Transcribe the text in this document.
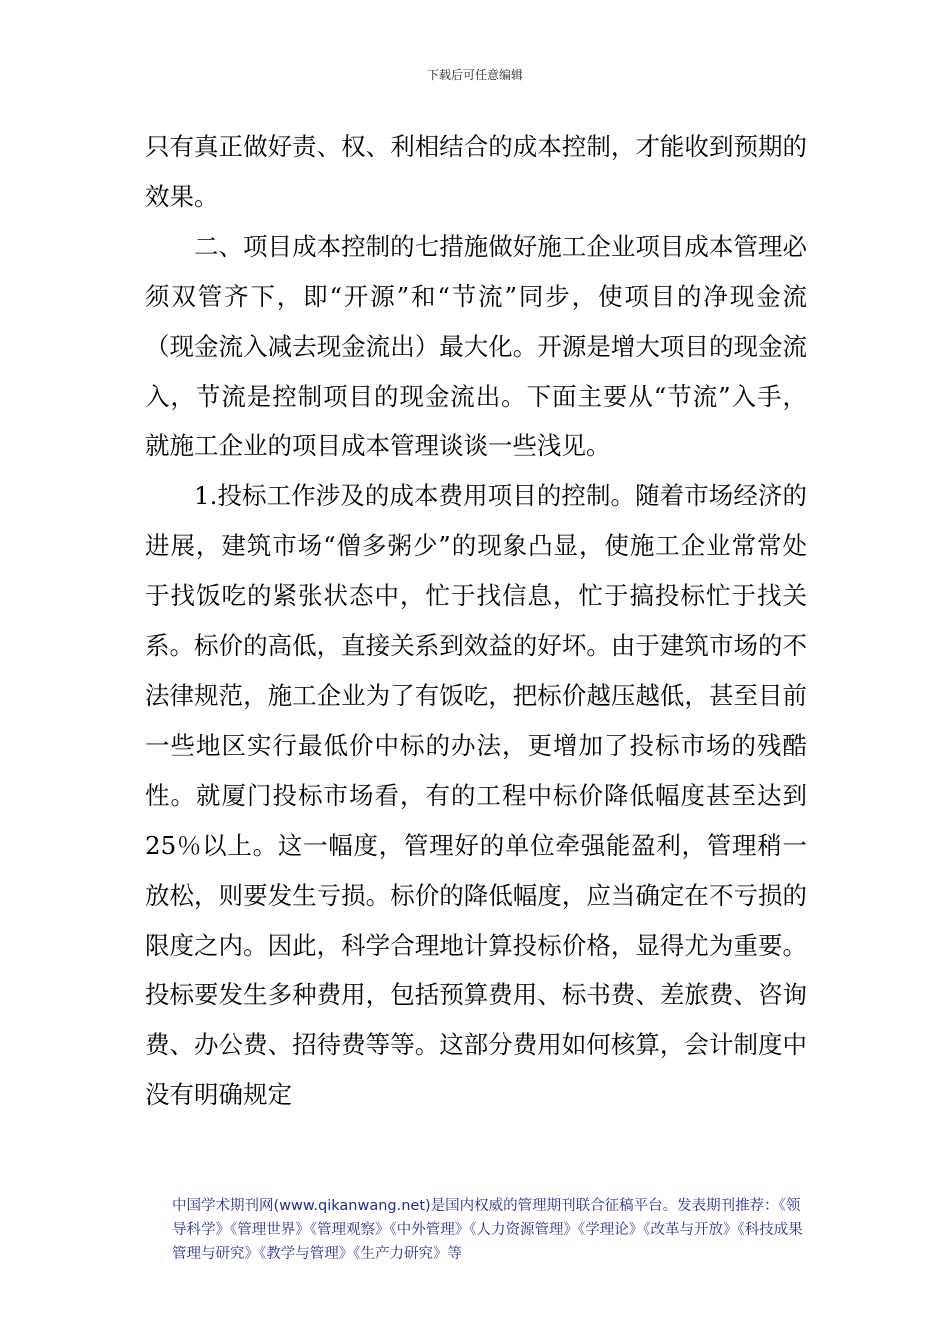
下载后可任意编辑

只有真正做好责、权、利相结合的成本控制，才能收到预期的效果。

二、项目成本控制的七措施做好施工企业项目成本管理必须双管齐下，即“开源”和“节流”同步，使项目的净现金流（现金流入减去现金流出）最大化。开源是增大项目的现金流入，节流是控制项目的现金流出。下面主要从“节流”入手，就施工企业的项目成本管理谈谈一些浅见。

1.投标工作涉及的成本费用项目的控制。随着市场经济的进展，建筑市场“僧多粥少”的现象凸显，使施工企业常常处于找饭吃的紧张状态中，忙于找信息，忙于搞投标忙于找关系。标价的高低，直接关系到效益的好坏。由于建筑市场的不法律规范，施工企业为了有饭吃，把标价越压越低，甚至目前一些地区实行最低价中标的办法，更增加了投标市场的残酷性。就厦门投标市场看，有的工程中标价降低幅度甚至达到25％以上。这一幅度，管理好的单位牵强能盈利，管理稍一放松，则要发生亏损。标价的降低幅度，应当确定在不亏损的限度之内。因此，科学合理地计算投标价格，显得尤为重要。投标要发生多种费用，包括预算费用、标书费、差旅费、咨询费、办公费、招待费等等。这部分费用如何核算，会计制度中没有明确规定

中国学术期刊网(www.qikanwang.net)是国内权威的管理期刊联合征稿平台。发表期刊推荐：《领导科学》《管理世界》《管理观察》《中外管理》《人力资源管理》《学理论》《改革与开放》《科技成果管理与研究》《教学与管理》《生产力研究》等
